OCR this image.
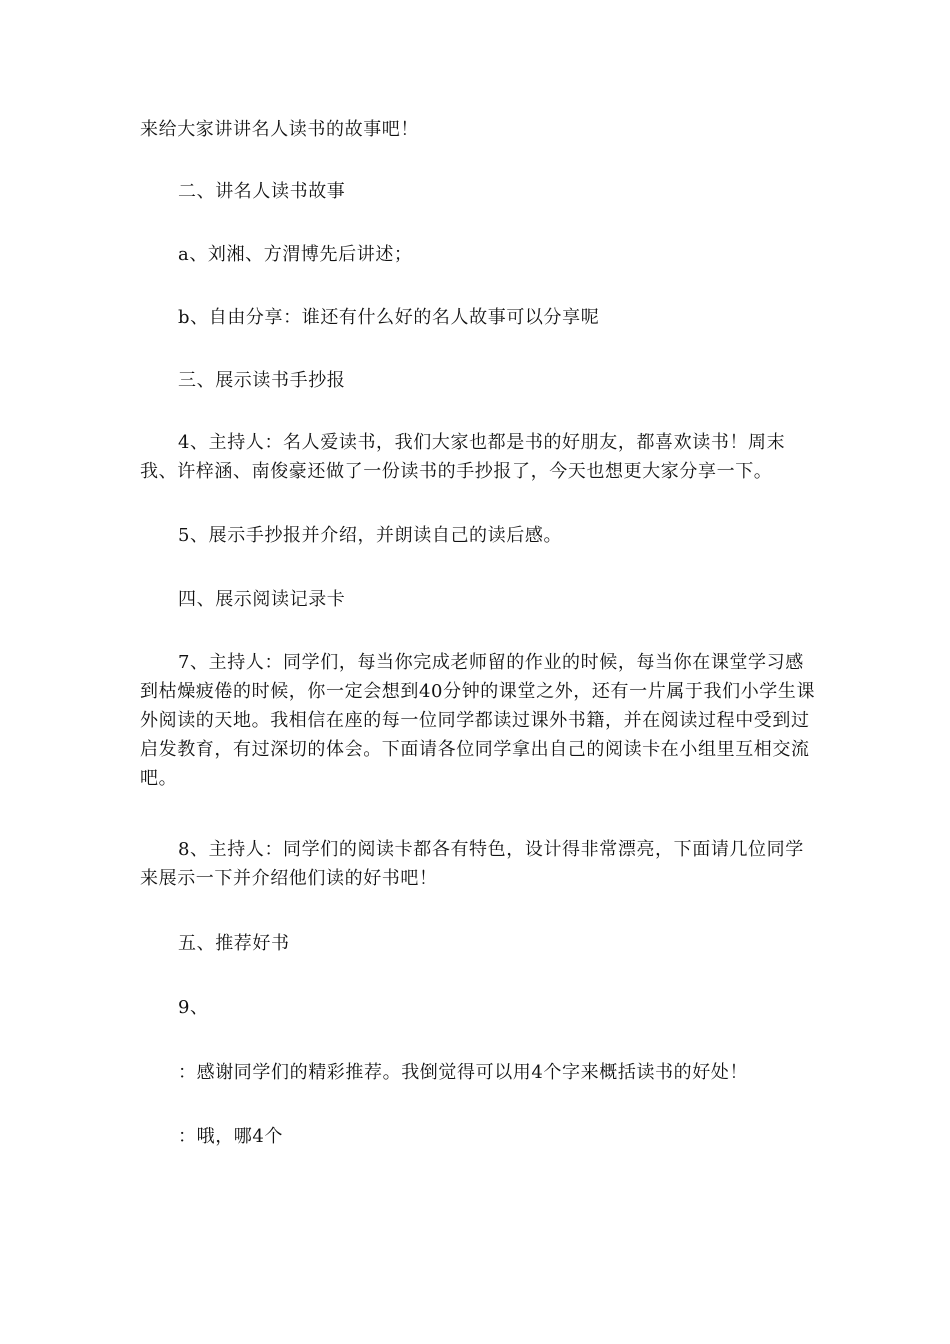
来给大家讲讲名人读书的故事吧！

二、讲名人读书故事

a、刘湘、方渭博先后讲述；

b、自由分享：谁还有什么好的名人故事可以分享呢

三、展示读书手抄报

4、主持人：名人爱读书，我们大家也都是书的好朋友，都喜欢读书！周末我、许梓涵、南俊豪还做了一份读书的手抄报了，今天也想更大家分享一下。

5、展示手抄报并介绍，并朗读自己的读后感。

四、展示阅读记录卡

7、主持人：同学们，每当你完成老师留的作业的时候，每当你在课堂学习感到枯燥疲倦的时候，你一定会想到40分钟的课堂之外，还有一片属于我们小学生课外阅读的天地。我相信在座的每一位同学都读过课外书籍，并在阅读过程中受到过启发教育，有过深切的体会。下面请各位同学拿出自己的阅读卡在小组里互相交流吧。

8、主持人：同学们的阅读卡都各有特色，设计得非常漂亮，下面请几位同学来展示一下并介绍他们读的好书吧！

五、推荐好书

9、

：感谢同学们的精彩推荐。我倒觉得可以用4个字来概括读书的好处！

：哦，哪4个
